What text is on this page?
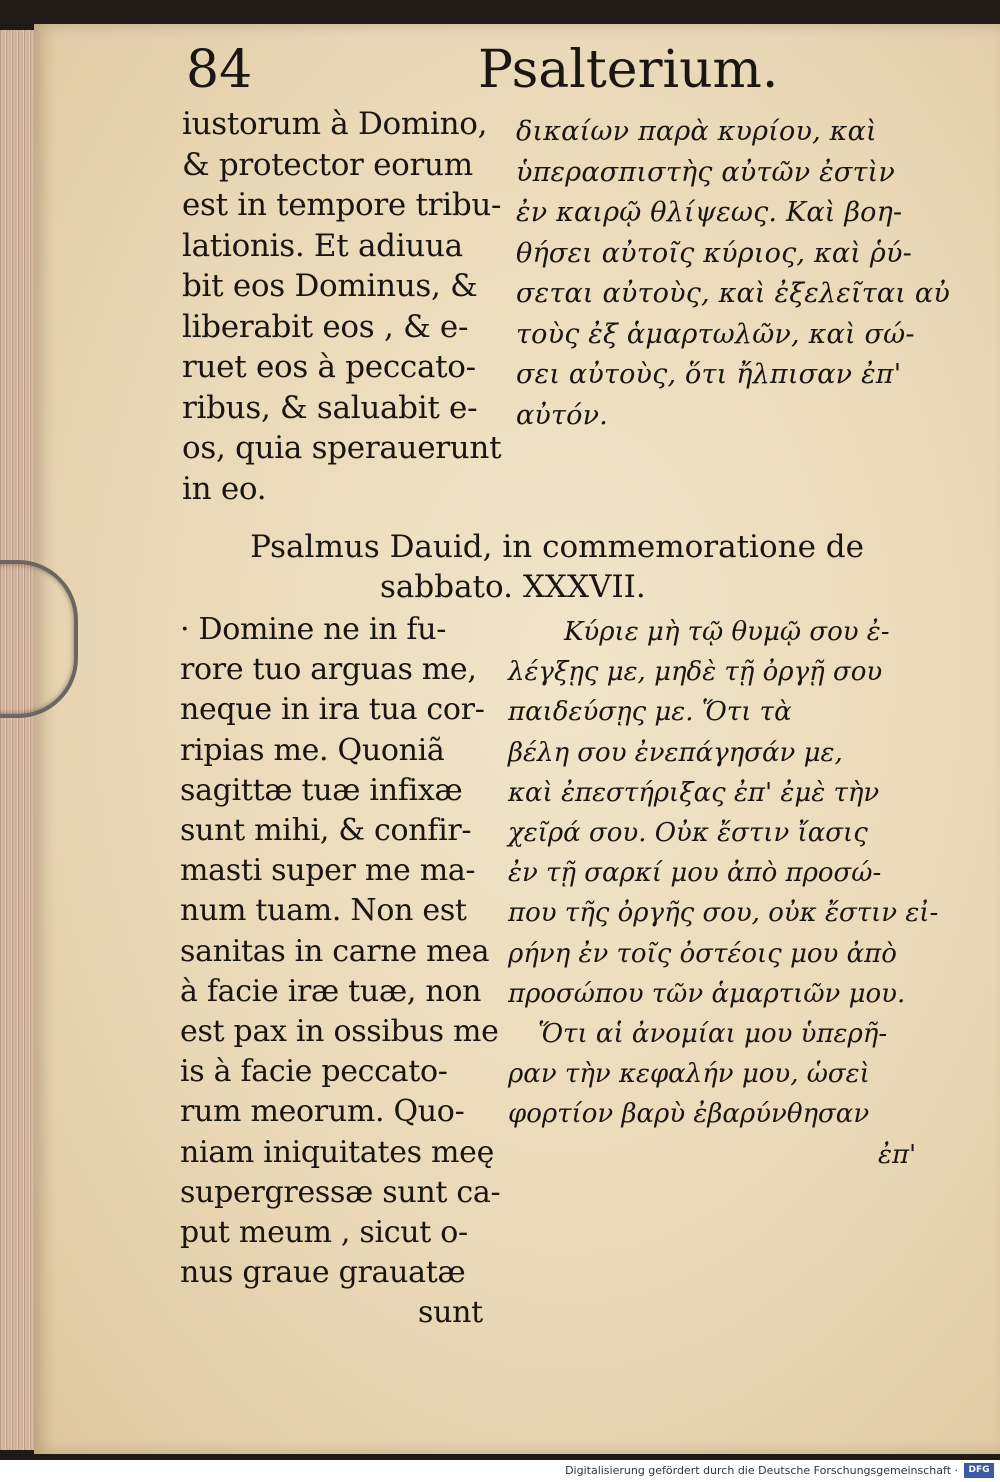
84	Psalterium.
iustorum à Domino,
& protector eorum
est in tempore tribu-
lationis. Et adiuua
bit eos Dominus, &
liberabit eos , & e-
ruet eos à peccato-
ribus, & saluabit e-
os, quia sperauerunt
in eo.
δικαίων παρὰ κυρίου, καὶ
ὑπερασπιστὴς αὐτῶν ἐστὶν
ἐν καιρῷ θλίψεως. Καὶ βοη-
θήσει αὐτοῖς κύριος, καὶ ῥύ-
σεται αὐτοὺς, καὶ ἐξελεῖται αὐ
τοὺς ἐξ ἁμαρτωλῶν, καὶ σώ-
σει αὐτοὺς, ὅτι ἤλπισαν ἐπ'
αὐτόν.
Psalmus Dauid, in commemoratione de
sabbato. XXXVII.
· Domine ne in fu-
rore tuo arguas me,
neque in ira tua cor-
ripias me. Quoniã
sagittæ tuæ infixæ
sunt mihi, & confir-
masti super me ma-
num tuam. Non est
sanitas in carne mea
à facie iræ tuæ, non
est pax in ossibus me
is à facie peccato-
rum meorum. Quo-
niam iniquitates meę
supergressæ sunt ca-
put meum , sicut o-
nus graue grauatæ
sunt
Κύριε μὴ τῷ θυμῷ σου ἐ-
λέγξῃς με, μηδὲ τῇ ὀργῇ σου
παιδεύσῃς με. Ὅτι τὰ
βέλη σου ἐνεπάγησάν με,
καὶ ἐπεστήριξας ἐπ' ἐμὲ τὴν
χεῖρά σου. Οὐκ ἔστιν ἴασις
ἐν τῇ σαρκί μου ἀπὸ προσώ-
που τῆς ὀργῆς σου, οὐκ ἔστιν εἰ-
ρήνη ἐν τοῖς ὀστέοις μου ἀπὸ
προσώπου τῶν ἁμαρτιῶν μου.
Ὅτι αἱ ἀνομίαι μου ὑπερῆ-
ραν τὴν κεφαλήν μου, ὡσεὶ
φορτίον βαρὺ ἐβαρύνθησαν
ἐπ'
Digitalisierung gefördert durch die Deutsche Forschungsgemeinschaft ·	DFG
